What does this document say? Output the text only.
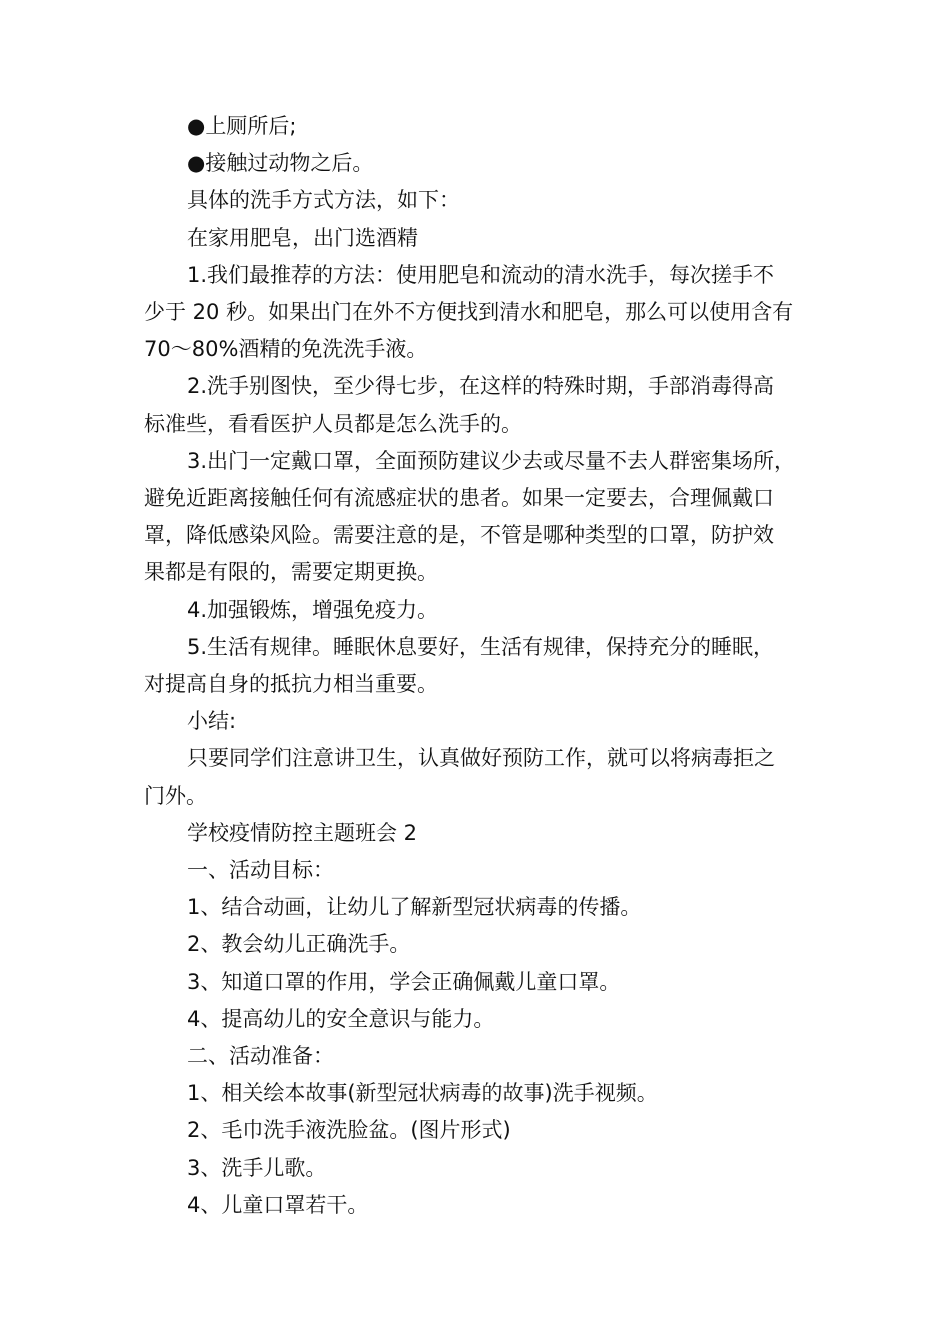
●上厕所后;

●接触过动物之后。

具体的洗手方式方法，如下：

在家用肥皂，出门选酒精

1.我们最推荐的方法：使用肥皂和流动的清水洗手，每次搓手不

少于 20 秒。如果出门在外不方便找到清水和肥皂，那么可以使用含有

70～80%酒精的免洗洗手液。

2.洗手别图快，至少得七步，在这样的特殊时期，手部消毒得高

标准些，看看医护人员都是怎么洗手的。

3.出门一定戴口罩，全面预防建议少去或尽量不去人群密集场所，

避免近距离接触任何有流感症状的患者。如果一定要去，合理佩戴口

罩，降低感染风险。需要注意的是，不管是哪种类型的口罩，防护效

果都是有限的，需要定期更换。

4.加强锻炼，增强免疫力。

5.生活有规律。睡眠休息要好，生活有规律，保持充分的睡眠，

对提高自身的抵抗力相当重要。

小结:

只要同学们注意讲卫生，认真做好预防工作，就可以将病毒拒之

门外。

学校疫情防控主题班会 2

一、活动目标：

1、结合动画，让幼儿了解新型冠状病毒的传播。

2、教会幼儿正确洗手。

3、知道口罩的作用，学会正确佩戴儿童口罩。

4、提高幼儿的安全意识与能力。

二、活动准备：

1、相关绘本故事(新型冠状病毒的故事)洗手视频。

2、毛巾洗手液洗脸盆。(图片形式)

3、洗手儿歌。

4、儿童口罩若干。
